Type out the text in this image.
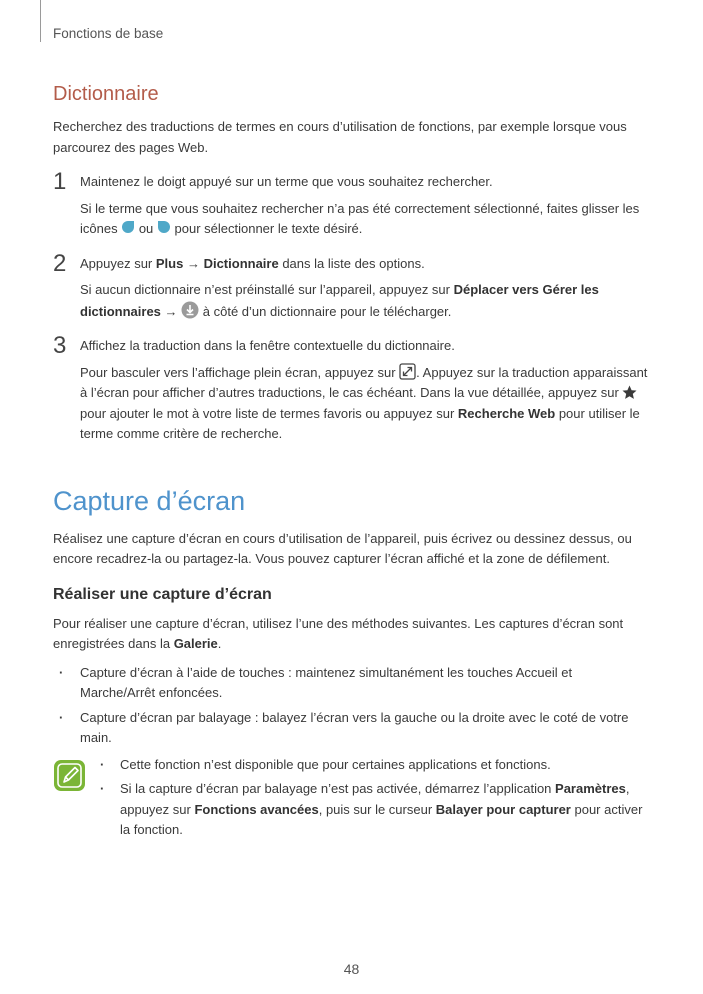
Fonctions de base
Dictionnaire

Recherchez des traductions de termes en cours d’utilisation de fonctions, par exemple lorsque vous parcourez des pages Web.

1 Maintenez le doigt appuyé sur un terme que vous souhaitez rechercher.

Si le terme que vous souhaitez rechercher n’a pas été correctement sélectionné, faites glisser les icônes  ou  pour sélectionner le texte désiré.

2 Appuyez sur Plus → Dictionnaire dans la liste des options.

Si aucun dictionnaire n’est préinstallé sur l’appareil, appuyez sur Déplacer vers Gérer les dictionnaires →  à côté d’un dictionnaire pour le télécharger.

3 Affichez la traduction dans la fenêtre contextuelle du dictionnaire.

Pour basculer vers l’affichage plein écran, appuyez sur . Appuyez sur la traduction apparaissant à l’écran pour afficher d’autres traductions, le cas échéant. Dans la vue détaillée, appuyez sur  pour ajouter le mot à votre liste de termes favoris ou appuyez sur Recherche Web pour utiliser le terme comme critère de recherche.

Capture d’écran

Réalisez une capture d’écran en cours d’utilisation de l’appareil, puis écrivez ou dessinez dessus, ou encore recadrez-la ou partagez-la. Vous pouvez capturer l’écran affiché et la zone de défilement.

Réaliser une capture d’écran

Pour réaliser une capture d’écran, utilisez l’une des méthodes suivantes. Les captures d’écran sont enregistrées dans la Galerie.

· Capture d’écran à l’aide de touches : maintenez simultanément les touches Accueil et Marche/Arrêt enfoncées.
· Capture d’écran par balayage : balayez l’écran vers la gauche ou la droite avec le coté de votre main.
· Cette fonction n’est disponible que pour certaines applications et fonctions.
· Si la capture d’écran par balayage n’est pas activée, démarrez l’application Paramètres, appuyez sur Fonctions avancées, puis sur le curseur Balayer pour capturer pour activer la fonction.
48
